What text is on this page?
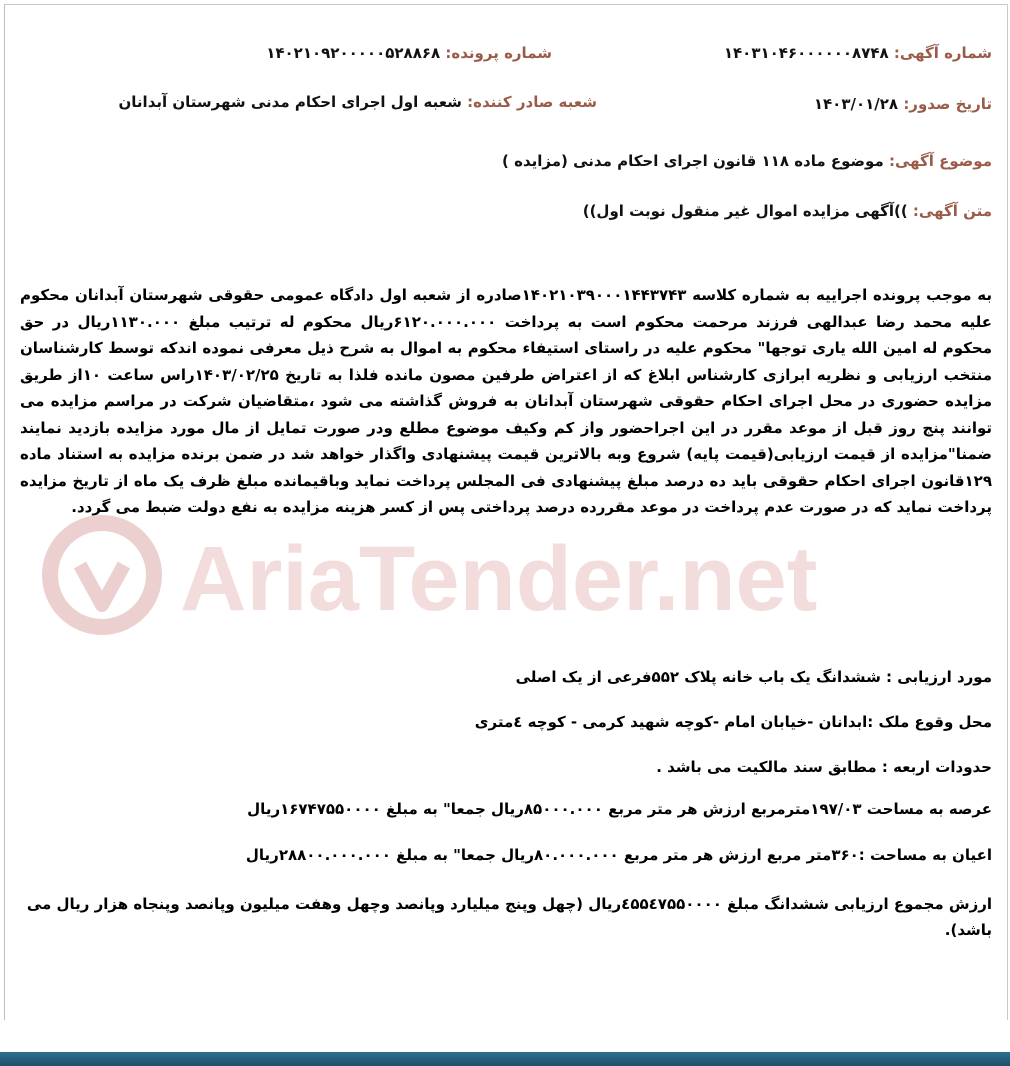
AriaTender.net
شماره آگهی: ۱۴۰۳۱۰۴۶۰۰۰۰۰۰۸۷۴۸
شماره پرونده: ۱۴۰۲۱۰۹۲۰۰۰۰۰۵۲۸۸۶۸
تاریخ صدور: ۱۴۰۳/۰۱/۲۸
شعبه صادر کننده: شعبه اول اجرای احکام مدنی شهرستان آبدانان
موضوع آگهی: موضوع ماده ۱۱۸ قانون اجرای احکام مدنی (مزایده )
متن آگهی: ))آگهی مزایده اموال غیر منقول نوبت اول))
به موجب پرونده اجراییه به شماره کلاسه ۱۴۰۲۱۰۳۹۰۰۰۱۴۴۳۷۴۳صادره از شعبه اول دادگاه عمومی حقوقی شهرستان آبدانان محکوم علیه محمد رضا عبدالهی فرزند مرحمت محکوم است به پرداخت ۶۱۲۰.۰۰۰.۰۰۰ریال محکوم له ترتیب مبلغ ۱۱۳۰.۰۰۰ریال در حق محکوم له امین الله یاری توجها" محکوم علیه در راستای استیفاء محکوم به اموال به شرح ذیل معرفی نموده اندکه توسط کارشناسان منتخب ارزیابی و نظریه ابرازی کارشناس ابلاغ که از اعتراض طرفین مصون مانده فلذا به تاریخ ۱۴۰۳/۰۲/۲۵راس ساعت ۱۰از طریق مزایده حضوری در محل اجرای احکام حقوقی شهرستان آبدانان به فروش گذاشته می شود ،متقاضیان شرکت در مراسم مزایده می توانند پنج روز قبل از موعد مقرر در این اجراحضور واز کم وکیف موضوع مطلع ودر صورت تمایل از مال مورد مزایده بازدید نمایند ضمنا"مزایده از قیمت ارزیابی(قیمت پایه) شروع وبه بالاترین قیمت پیشنهادی واگذار خواهد شد در ضمن برنده مزایده به استناد ماده ۱۲۹قانون اجرای احکام حقوقی باید ده درصد مبلغ پیشنهادی فی المجلس پرداخت نماید وباقیمانده مبلغ ظرف یک ماه از تاریخ مزایده پرداخت نماید که در صورت عدم پرداخت در موعد مقررده درصد پرداختی پس از کسر هزینه مزایده به نفع دولت ضبط می گردد.
مورد ارزیابی : ششدانگ یک باب خانه پلاک ۵۵۲فرعی از یک اصلی
محل وقوع ملک :ابدانان -خیابان امام -کوچه شهید کرمی - کوچه ٤متری
حدودات اربعه : مطابق سند مالکیت می باشد .
عرصه به مساحت ۱۹۷/۰۳مترمربع ارزش هر متر مربع ۸۵۰۰۰.۰۰۰ریال جمعا" به مبلغ ۱۶۷۴۷۵۵۰۰۰۰ریال
اعیان به مساحت :۳۶۰متر مربع ارزش هر متر مربع ۸۰.۰۰۰.۰۰۰ریال جمعا" به مبلغ ۲۸۸۰۰.۰۰۰.۰۰۰ریال
ارزش مجموع ارزیابی ششدانگ مبلغ ٤۵۵٤۷۵۵۰۰۰۰ریال (چهل وپنج میلیارد وپانصد وچهل وهفت میلیون وپانصد وپنجاه هزار ریال می باشد).
